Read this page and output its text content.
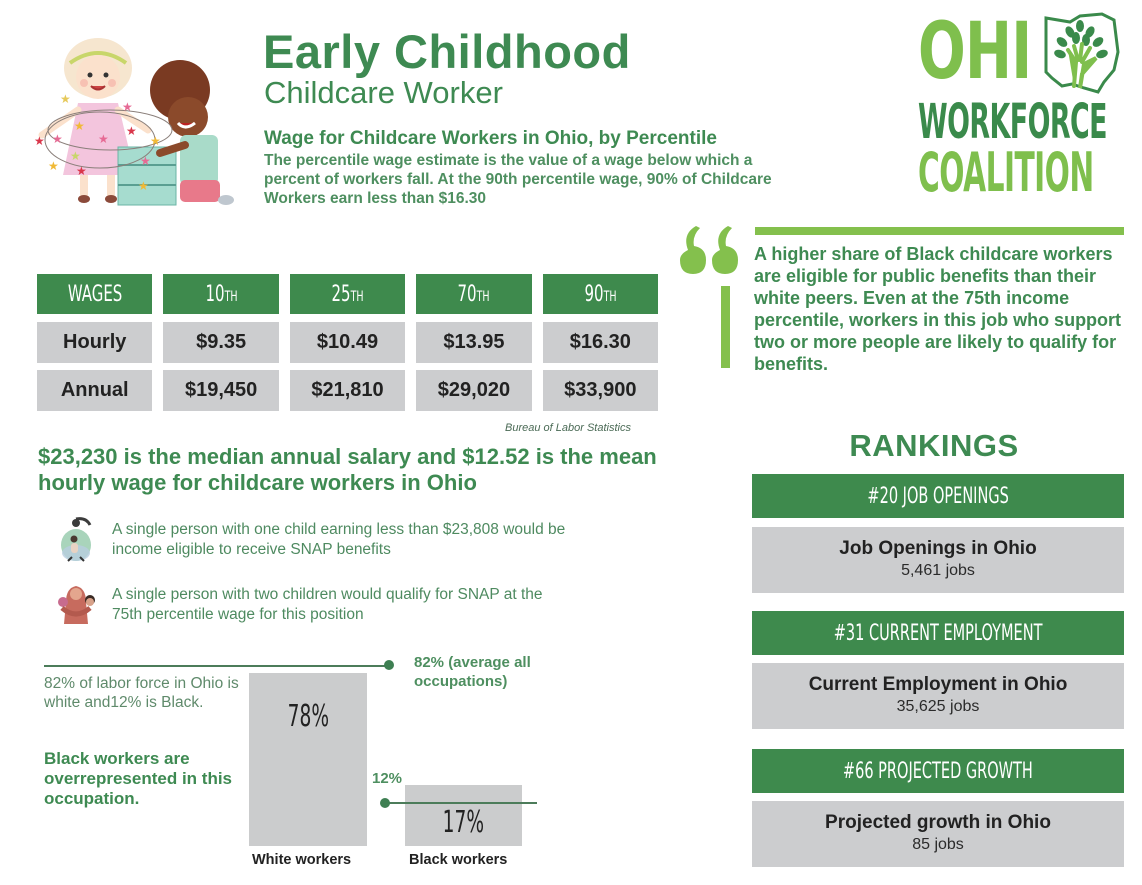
★
★
★ ★
★
★
★
★ ★
★
★
★
★
Early Childhood
Childcare Worker
Wage for Childcare Workers in Ohio, by Percentile
The percentile wage estimate is the value of a wage below which a percent of workers fall. At the 90th percentile wage, 90% of Childcare Workers earn less than $16.30
OHI
WORKFORCE
COALITION
WAGES	10TH	25TH	70TH	90TH
Hourly	$9.35	$10.49	$13.95	$16.30
Annual	$19,450	$21,810	$29,020	$33,900
Bureau of Labor Statistics
$23,230 is the median annual salary and $12.52 is the mean hourly wage for childcare workers in Ohio
A single person with one child earning less than $23,808 would be income eligible to receive SNAP benefits
A single person with two children would qualify for SNAP at the 75th percentile wage for this position
82% (average all occupations)
82% of labor force in Ohio is white and12% is Black.
Black workers are overrepresented in this occupation.
78%
17%
12%
White workers	Black workers
A higher share of Black childcare workers are eligible for public benefits than their white peers. Even at the 75th income percentile, workers in this job who support two or more people are likely to qualify for benefits.
RANKINGS
#20 JOB OPENINGS
Job Openings in Ohio
5,461 jobs
#31 CURRENT EMPLOYMENT
Current Employment in Ohio
35,625 jobs
#66 PROJECTED GROWTH
Projected growth in Ohio
85 jobs
